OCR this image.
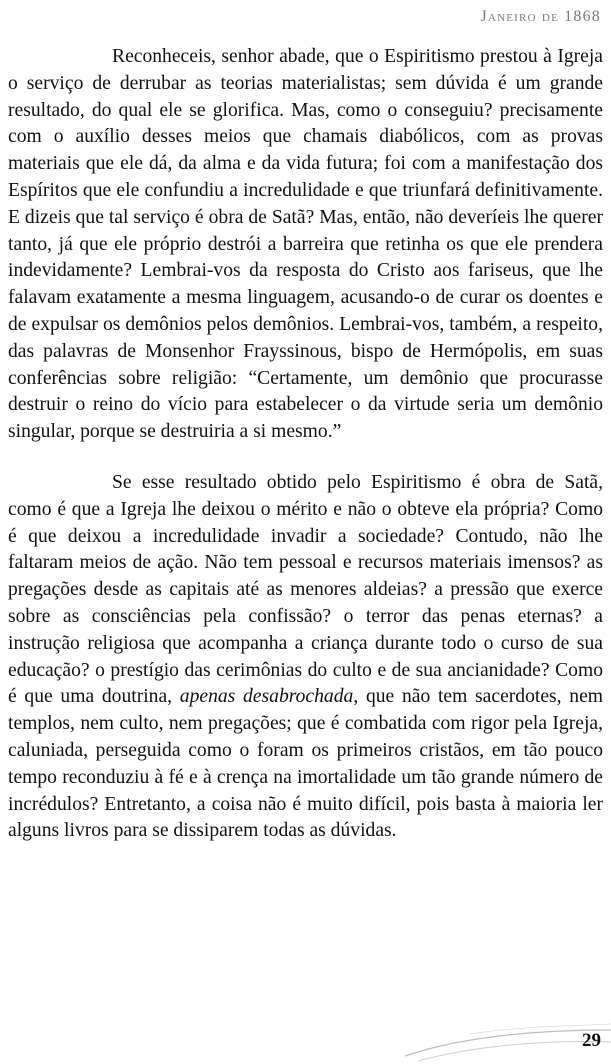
Janeiro de 1868

Reconheceis, senhor abade, que o Espiritismo prestou à Igreja o serviço de derrubar as teorias materialistas; sem dúvida é um grande resultado, do qual ele se glorifica. Mas, como o conseguiu? precisamente com o auxílio desses meios que chamais diabólicos, com as provas materiais que ele dá, da alma e da vida futura; foi com a manifestação dos Espíritos que ele confundiu a incredulidade e que triunfará definitivamente. E dizeis que tal serviço é obra de Satã? Mas, então, não deveríeis lhe querer tanto, já que ele próprio destrói a barreira que retinha os que ele prendera indevidamente? Lembrai-vos da resposta do Cristo aos fariseus, que lhe falavam exatamente a mesma linguagem, acusando-o de curar os doentes e de expulsar os demônios pelos demônios. Lembrai-vos, também, a respeito, das palavras de Monsenhor Frayssinous, bispo de Hermópolis, em suas conferências sobre religião: “Certamente, um demônio que procurasse destruir o reino do vício para estabelecer o da virtude seria um demônio singular, porque se destruiria a si mesmo.”

Se esse resultado obtido pelo Espiritismo é obra de Satã, como é que a Igreja lhe deixou o mérito e não o obteve ela própria? Como é que deixou a incredulidade invadir a sociedade? Contudo, não lhe faltaram meios de ação. Não tem pessoal e recursos materiais imensos? as pregações desde as capitais até as menores aldeias? a pressão que exerce sobre as consciências pela confissão? o terror das penas eternas? a instrução religiosa que acompanha a criança durante todo o curso de sua educação? o prestígio das cerimônias do culto e de sua ancianidade? Como é que uma doutrina, apenas desabrochada, que não tem sacerdotes, nem templos, nem culto, nem pregações; que é combatida com rigor pela Igreja, caluniada, perseguida como o foram os primeiros cristãos, em tão pouco tempo reconduziu à fé e à crença na imortalidade um tão grande número de incrédulos? Entretanto, a coisa não é muito difícil, pois basta à maioria ler alguns livros para se dissiparem todas as dúvidas.

29
